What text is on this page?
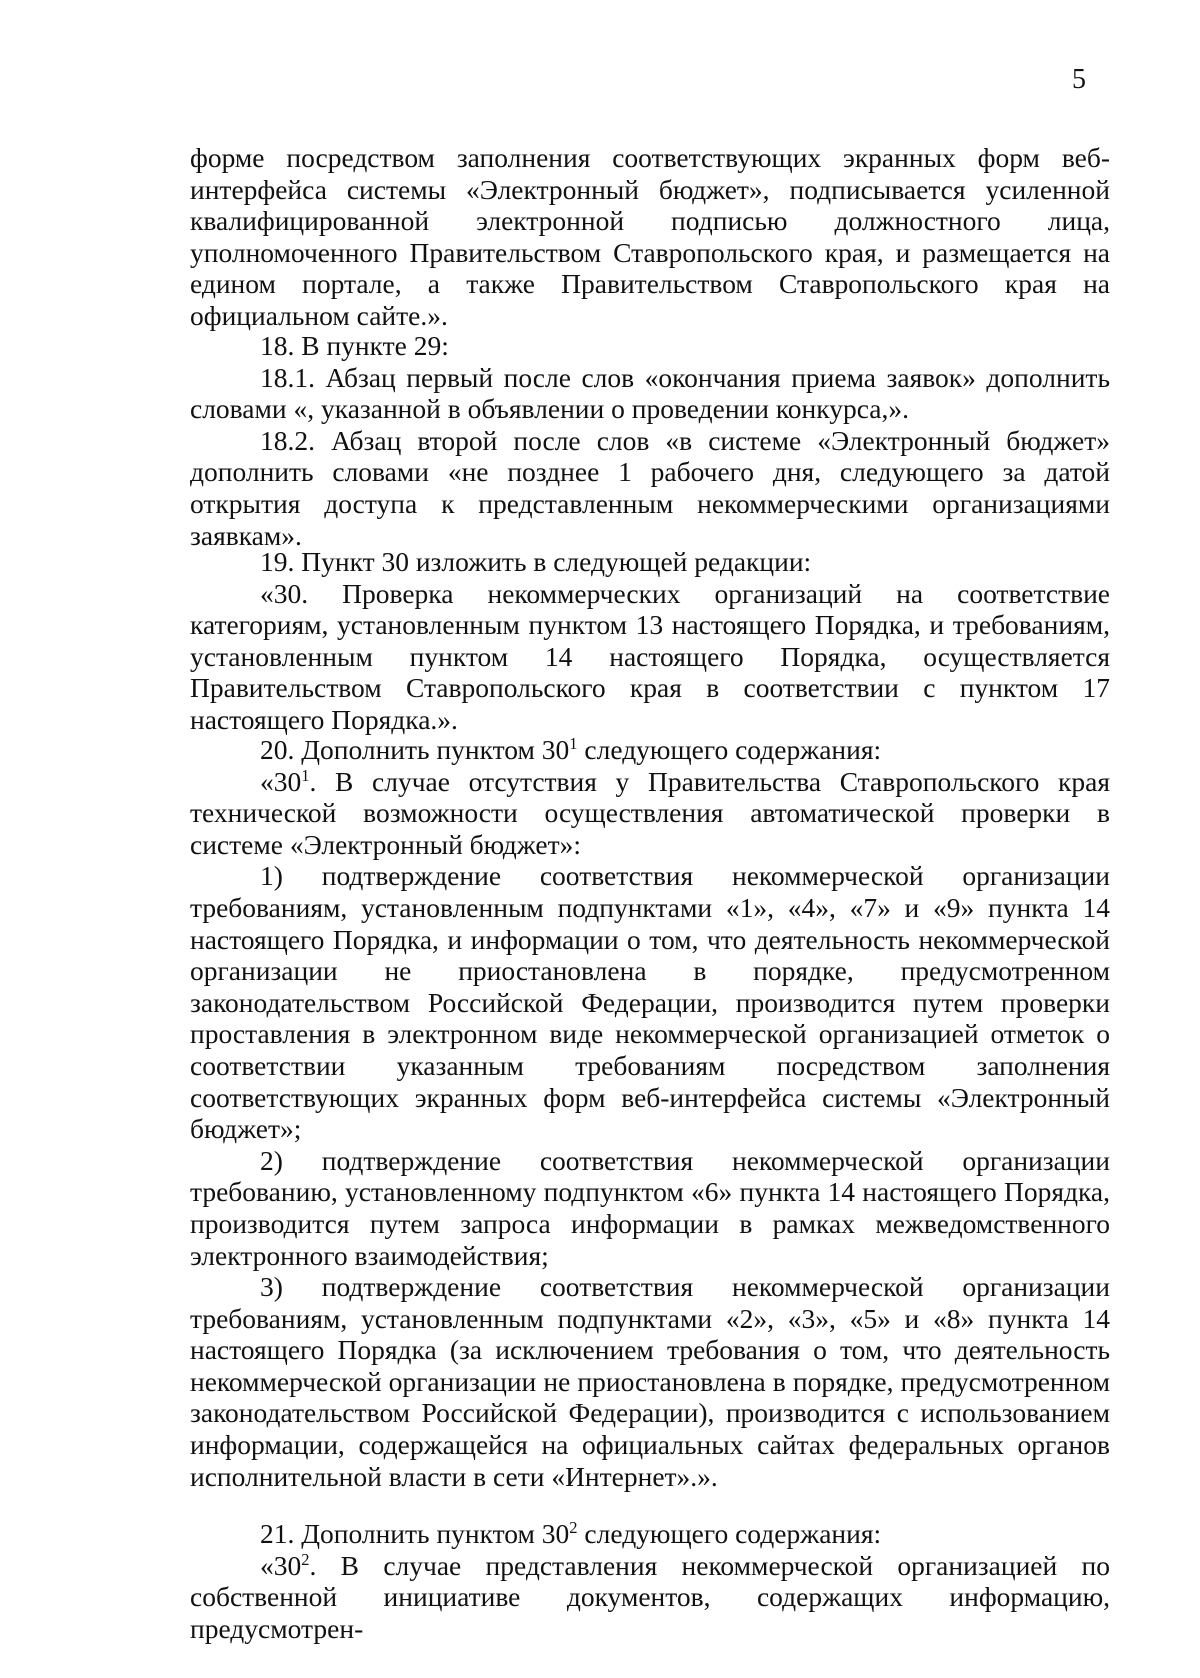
5

форме посредством заполнения соответствующих экранных форм веб-интерфейса системы «Электронный бюджет», подписывается усиленной квалифицированной электронной подписью должностного лица, уполномоченного Правительством Ставропольского края, и размещается на едином портале, а также Правительством Ставропольского края на официальном сайте.».

18. В пункте 29:

18.1. Абзац первый после слов «окончания приема заявок» дополнить словами «, указанной в объявлении о проведении конкурса,».

18.2. Абзац второй после слов «в системе «Электронный бюджет» дополнить словами «не позднее 1 рабочего дня, следующего за датой открытия доступа к представленным некоммерческими организациями заявкам».

19. Пункт 30 изложить в следующей редакции:

«30. Проверка некоммерческих организаций на соответствие категориям, установленным пунктом 13 настоящего Порядка, и требованиям, установленным пунктом 14 настоящего Порядка, осуществляется Правительством Ставропольского края в соответствии с пунктом 17 настоящего Порядка.».

20. Дополнить пунктом $30^1$ следующего содержания:

«$30^1$. В случае отсутствия у Правительства Ставропольского края технической возможности осуществления автоматической проверки в системе «Электронный бюджет»:

1) подтверждение соответствия некоммерческой организации требованиям, установленным подпунктами «1», «4», «7» и «9» пункта 14 настоящего Порядка, и информации о том, что деятельность некоммерческой организации не приостановлена в порядке, предусмотренном законодательством Российской Федерации, производится путем проверки проставления в электронном виде некоммерческой организацией отметок о соответствии указанным требованиям посредством заполнения соответствующих экранных форм веб-интерфейса системы «Электронный бюджет»;

2) подтверждение соответствия некоммерческой организации требованию, установленному подпунктом «6» пункта 14 настоящего Порядка, производится путем запроса информации в рамках межведомственного электронного взаимодействия;

3) подтверждение соответствия некоммерческой организации требованиям, установленным подпунктами «2», «3», «5» и «8» пункта 14 настоящего Порядка (за исключением требования о том, что деятельность некоммерческой организации не приостановлена в порядке, предусмотренном законодательством Российской Федерации), производится с использованием информации, содержащейся на официальных сайтах федеральных органов исполнительной власти в сети «Интернет».».

21. Дополнить пунктом $30^2$ следующего содержания:

«$30^2$. В случае представления некоммерческой организацией по собственной инициативе документов, содержащих информацию, предусмотрен-
